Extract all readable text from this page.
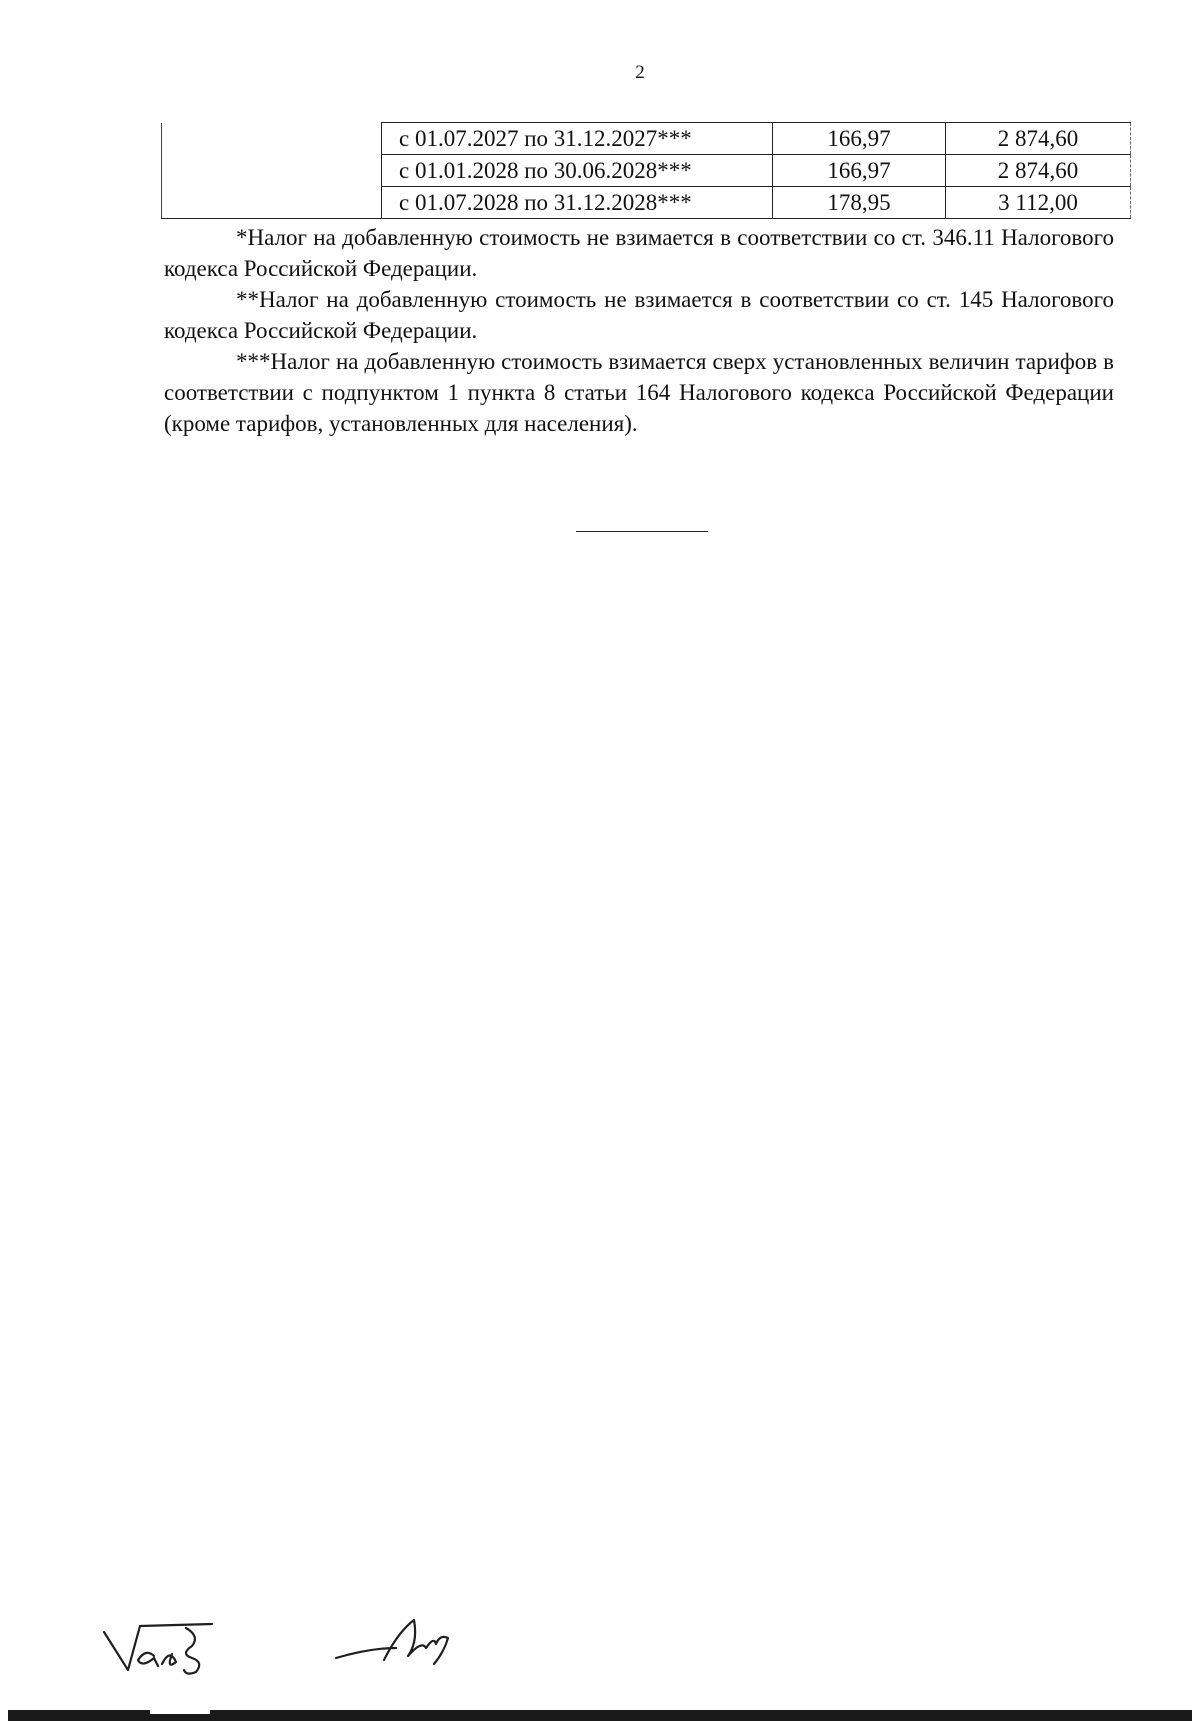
2
	с 01.07.2027 по 31.12.2027***	166,97	2 874,60
	с 01.01.2028 по 30.06.2028***	166,97	2 874,60
	с 01.07.2028 по 31.12.2028***	178,95	3 112,00

*Налог на добавленную стоимость не взимается в соответствии со ст. 346.11 Налогового кодекса Российской Федерации.

**Налог на добавленную стоимость не взимается в соответствии со ст. 145 Налогового кодекса Российской Федерации.

***Налог на добавленную стоимость взимается сверх установленных величин тарифов в соответствии с подпунктом 1 пункта 8 статьи 164 Налогового кодекса Российской Федерации (кроме тарифов, установленных для населения).
